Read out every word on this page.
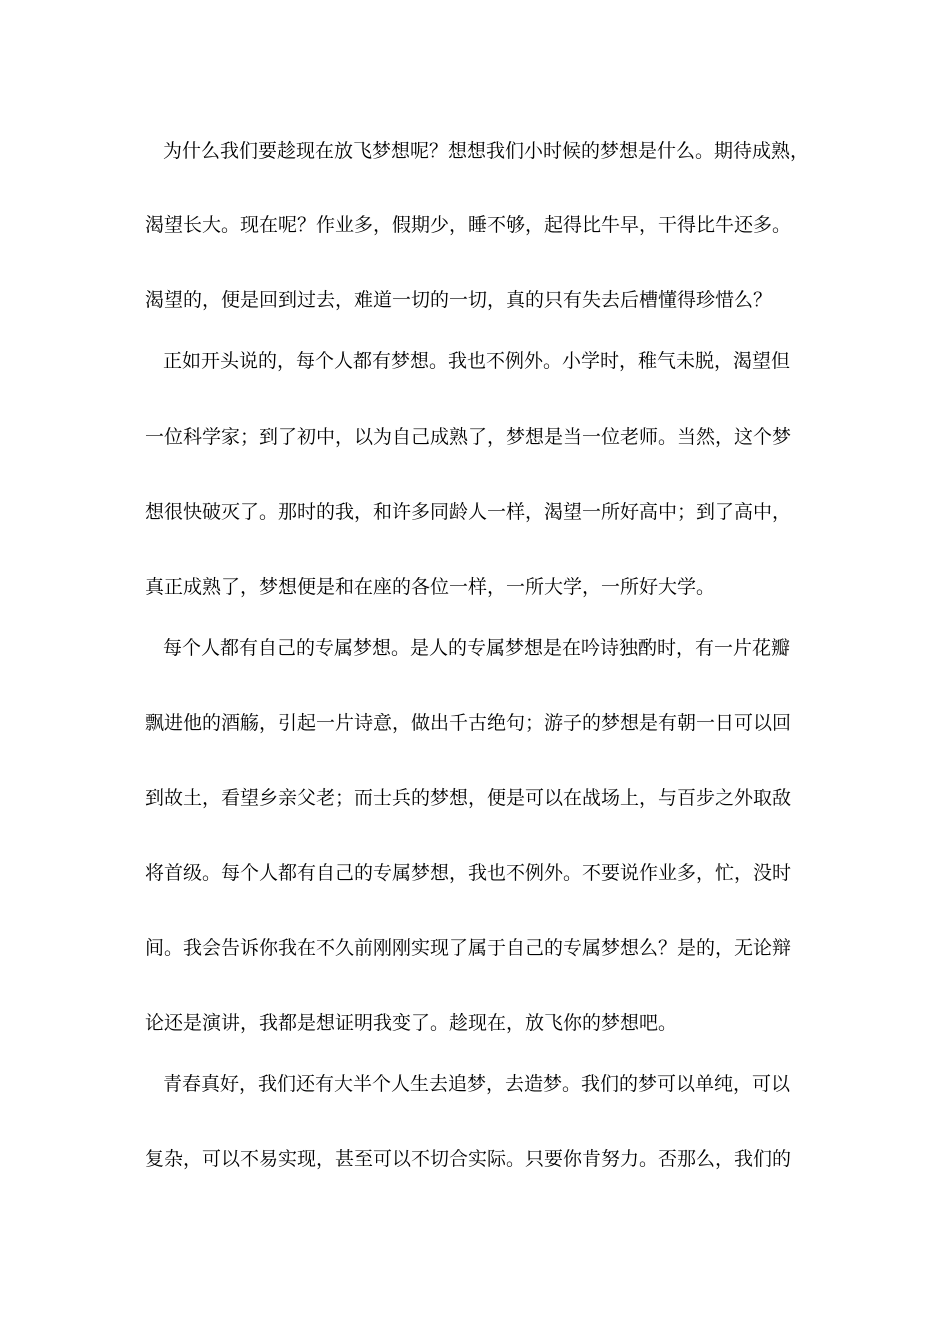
为什么我们要趁现在放飞梦想呢？想想我们小时候的梦想是什么。期待成熟，
渴望长大。现在呢？作业多，假期少，睡不够，起得比牛早，干得比牛还多。
渴望的，便是回到过去，难道一切的一切，真的只有失去后槽懂得珍惜么？
正如开头说的，每个人都有梦想。我也不例外。小学时，稚气未脱，渴望但
一位科学家；到了初中，以为自己成熟了，梦想是当一位老师。当然，这个梦
想很快破灭了。那时的我，和许多同龄人一样，渴望一所好高中；到了高中，
真正成熟了，梦想便是和在座的各位一样，一所大学，一所好大学。
每个人都有自己的专属梦想。是人的专属梦想是在吟诗独酌时，有一片花瓣
飘进他的酒觞，引起一片诗意，做出千古绝句；游子的梦想是有朝一日可以回
到故土，看望乡亲父老；而士兵的梦想，便是可以在战场上，与百步之外取敌
将首级。每个人都有自己的专属梦想，我也不例外。不要说作业多，忙，没时
间。我会告诉你我在不久前刚刚实现了属于自己的专属梦想么？是的，无论辩
论还是演讲，我都是想证明我变了。趁现在，放飞你的梦想吧。
青春真好，我们还有大半个人生去追梦，去造梦。我们的梦可以单纯，可以
复杂，可以不易实现，甚至可以不切合实际。只要你肯努力。否那么，我们的
